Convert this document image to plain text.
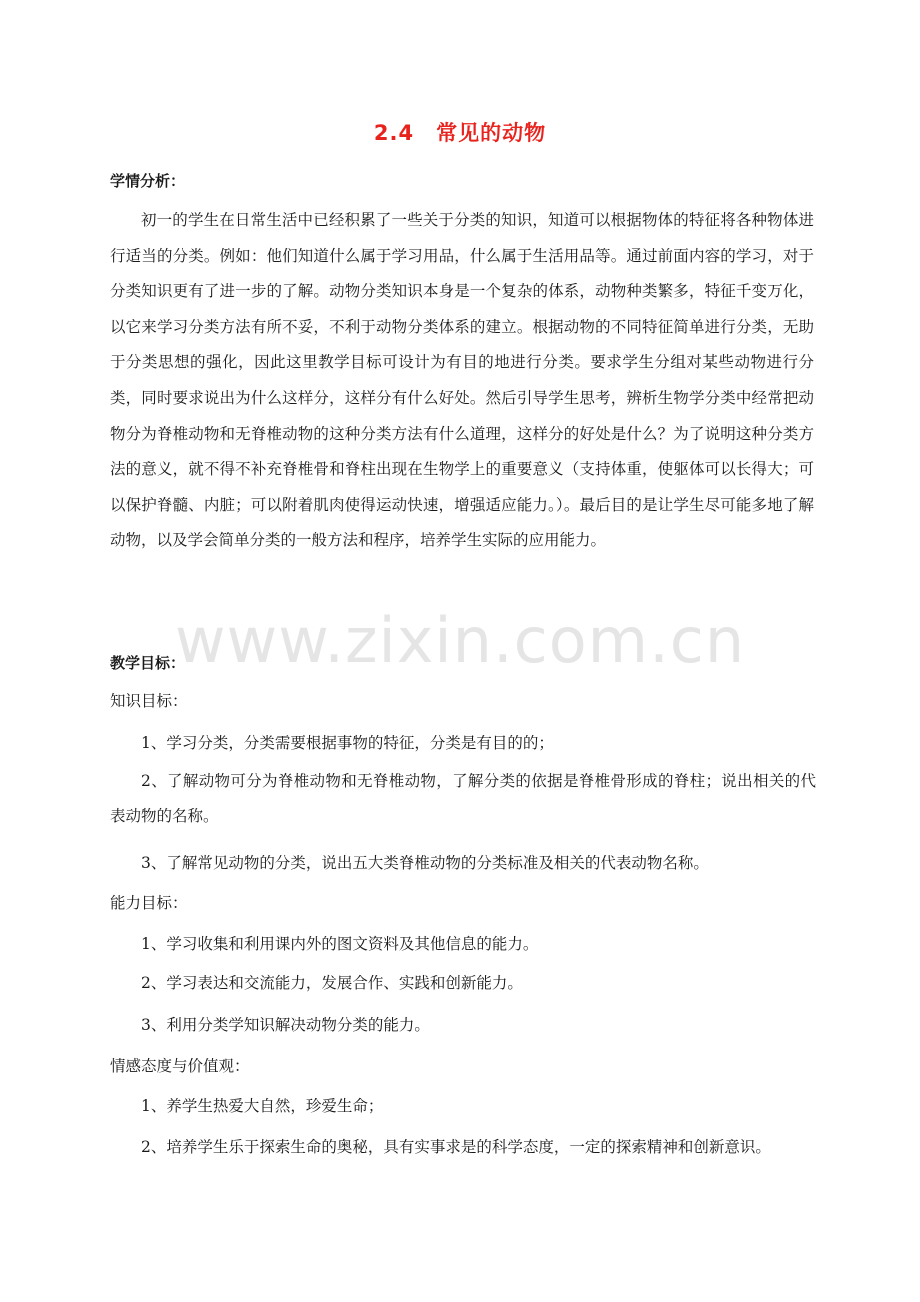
2.4　常见的动物
学情分析：

初一的学生在日常生活中已经积累了一些关于分类的知识，知道可以根据物体的特征将各种物体进行适当的分类。例如：他们知道什么属于学习用品，什么属于生活用品等。通过前面内容的学习，对于分类知识更有了进一步的了解。动物分类知识本身是一个复杂的体系，动物种类繁多，特征千变万化，以它来学习分类方法有所不妥，不利于动物分类体系的建立。根据动物的不同特征简单进行分类，无助于分类思想的强化，因此这里教学目标可设计为有目的地进行分类。要求学生分组对某些动物进行分类，同时要求说出为什么这样分，这样分有什么好处。然后引导学生思考，辨析生物学分类中经常把动物分为脊椎动物和无脊椎动物的这种分类方法有什么道理，这样分的好处是什么？为了说明这种分类方法的意义，就不得不补充脊椎骨和脊柱出现在生物学上的重要意义（支持体重，使躯体可以长得大；可以保护脊髓、内脏；可以附着肌肉使得运动快速，增强适应能力。）。最后目的是让学生尽可能多地了解动物，以及学会简单分类的一般方法和程序，培养学生实际的应用能力。

教学目标：

知识目标：

1、学习分类，分类需要根据事物的特征，分类是有目的的；

2、了解动物可分为脊椎动物和无脊椎动物，了解分类的依据是脊椎骨形成的脊柱；说出相关的代表动物的名称。

3、了解常见动物的分类，说出五大类脊椎动物的分类标准及相关的代表动物名称。

能力目标：

1、学习收集和利用课内外的图文资料及其他信息的能力。

2、学习表达和交流能力，发展合作、实践和创新能力。

3、利用分类学知识解决动物分类的能力。

情感态度与价值观：

1、养学生热爱大自然，珍爱生命；

2、培养学生乐于探索生命的奥秘，具有实事求是的科学态度，一定的探索精神和创新意识。

www.zixin.com.cn
